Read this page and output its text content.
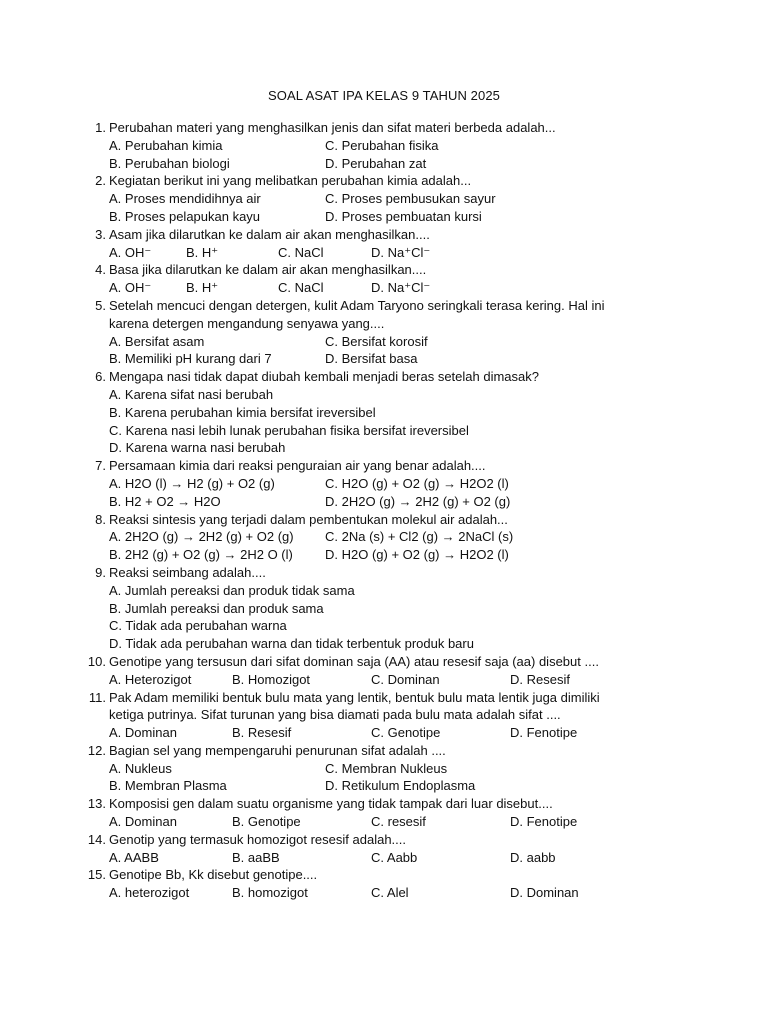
SOAL ASAT IPA KELAS 9 TAHUN 2025
1. Perubahan materi yang menghasilkan jenis dan sifat materi berbeda adalah...
A. Perubahan kimia	C. Perubahan fisika
B. Perubahan biologi	D. Perubahan zat
2. Kegiatan berikut ini yang melibatkan perubahan kimia adalah...
A. Proses mendidihnya air	C. Proses pembusukan sayur
B. Proses pelapukan kayu	D. Proses pembuatan kursi
3. Asam jika dilarutkan ke dalam air akan menghasilkan....
A. OH⁻	B. H⁺	C. NaCl	D. Na⁺Cl⁻
4. Basa jika dilarutkan ke dalam air akan menghasilkan....
A. OH⁻	B. H⁺	C. NaCl	D. Na⁺Cl⁻
5. Setelah mencuci dengan detergen, kulit Adam Taryono seringkali terasa kering. Hal ini
karena detergen mengandung senyawa yang....
A. Bersifat asam	C. Bersifat korosif
B. Memiliki pH kurang dari 7	D. Bersifat basa
6. Mengapa nasi tidak dapat diubah kembali menjadi beras setelah dimasak?
A. Karena sifat nasi berubah
B. Karena perubahan kimia bersifat ireversibel
C. Karena nasi lebih lunak perubahan fisika bersifat ireversibel
D. Karena warna nasi berubah
7. Persamaan kimia dari reaksi penguraian air yang benar adalah....
A. H2O (l) → H2 (g) + O2 (g)	C. H2O (g) + O2 (g) → H2O2 (l)
B. H2 + O2 → H2O	D. 2H2O (g) → 2H2 (g) + O2 (g)
8. Reaksi sintesis yang terjadi dalam pembentukan molekul air adalah...
A. 2H2O (g) → 2H2 (g) + O2 (g) C. 2Na (s) + Cl2 (g) → 2NaCl (s)
B. 2H2 (g) + O2 (g) → 2H2 O (l) D. H2O (g) + O2 (g) → H2O2 (l)
9. Reaksi seimbang adalah....
A. Jumlah pereaksi dan produk tidak sama
B. Jumlah pereaksi dan produk sama
C. Tidak ada perubahan warna
D. Tidak ada perubahan warna dan tidak terbentuk produk baru
10. Genotipe yang tersusun dari sifat dominan saja (AA) atau resesif saja (aa) disebut ....
A. Heterozigot	B. Homozigot	C. Dominan	D. Resesif
11. Pak Adam memiliki bentuk bulu mata yang lentik, bentuk bulu mata lentik juga dimiliki
ketiga putrinya. Sifat turunan yang bisa diamati pada bulu mata adalah sifat ....
A. Dominan	B. Resesif	C. Genotipe	D. Fenotipe
12. Bagian sel yang mempengaruhi penurunan sifat adalah ....
A. Nukleus	C. Membran Nukleus
B. Membran Plasma	D. Retikulum Endoplasma
13. Komposisi gen dalam suatu organisme yang tidak tampak dari luar disebut....
A. Dominan	B. Genotipe	C. resesif	D. Fenotipe
14. Genotip yang termasuk homozigot resesif adalah....
A. AABB	B. aaBB	C. Aabb	D. aabb
15. Genotipe Bb, Kk disebut genotipe....
A. heterozigot	B. homozigot	C. Alel	D. Dominan
